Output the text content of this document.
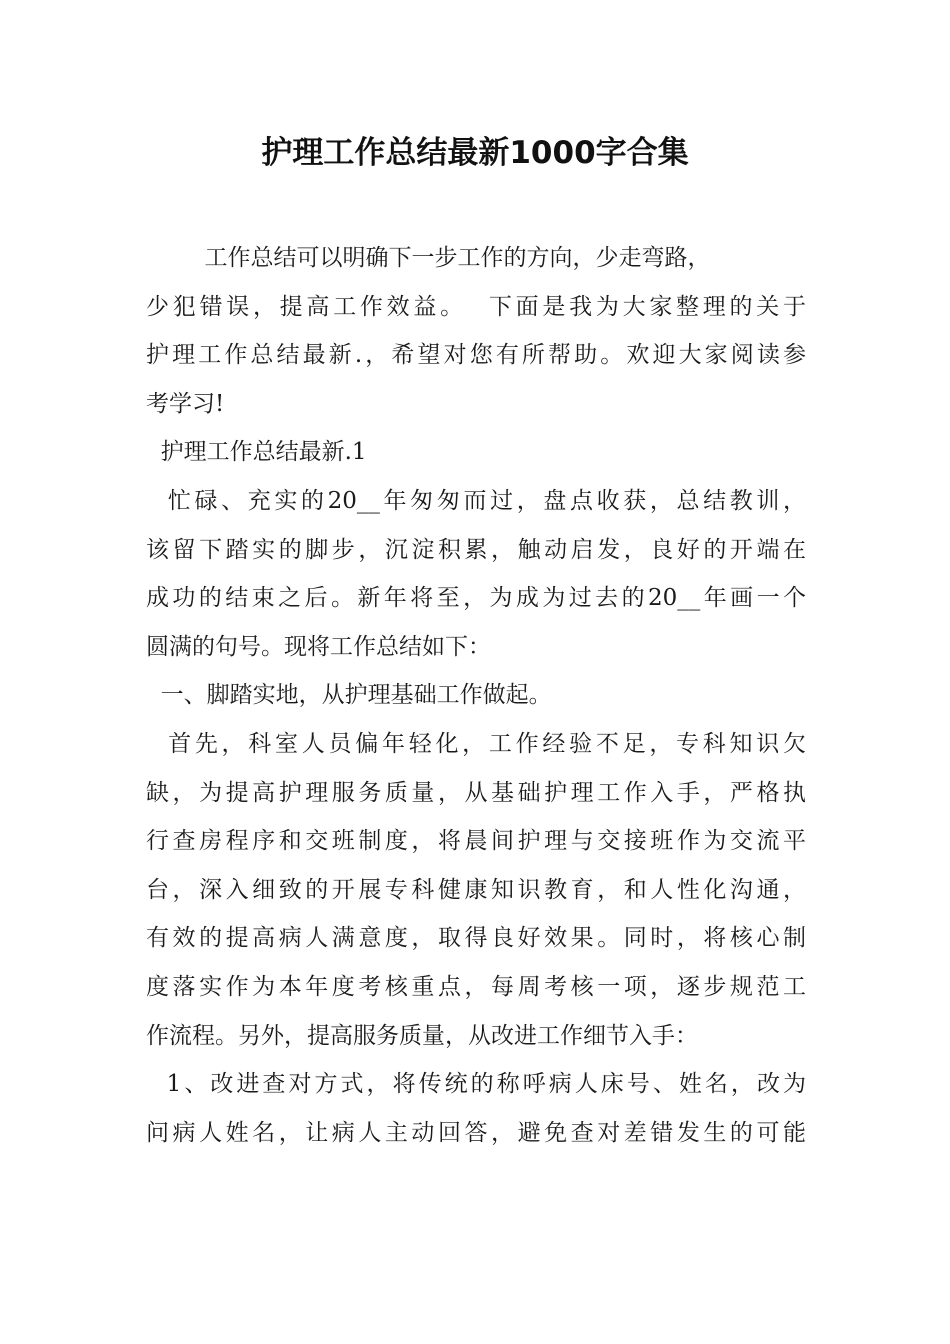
护理工作总结最新1000字合集

工作总结可以明确下一步工作的方向，少走弯路，
少犯错误，提高工作效益。  下面是我为大家整理的关于
护理工作总结最新.，希望对您有所帮助。欢迎大家阅读参
考学习!

护理工作总结最新.1

忙碌、充实的20__年匆匆而过，盘点收获，总结教训，
该留下踏实的脚步，沉淀积累，触动启发，良好的开端在
成功的结束之后。新年将至，为成为过去的20__年画一个
圆满的句号。现将工作总结如下：

一、脚踏实地，从护理基础工作做起。

首先，科室人员偏年轻化，工作经验不足，专科知识欠
缺，为提高护理服务质量，从基础护理工作入手，严格执
行查房程序和交班制度，将晨间护理与交接班作为交流平
台，深入细致的开展专科健康知识教育，和人性化沟通，
有效的提高病人满意度，取得良好效果。同时，将核心制
度落实作为本年度考核重点，每周考核一项，逐步规范工
作流程。另外，提高服务质量，从改进工作细节入手：

1、改进查对方式，将传统的称呼病人床号、姓名，改为
问病人姓名，让病人主动回答，避免查对差错发生的可能
